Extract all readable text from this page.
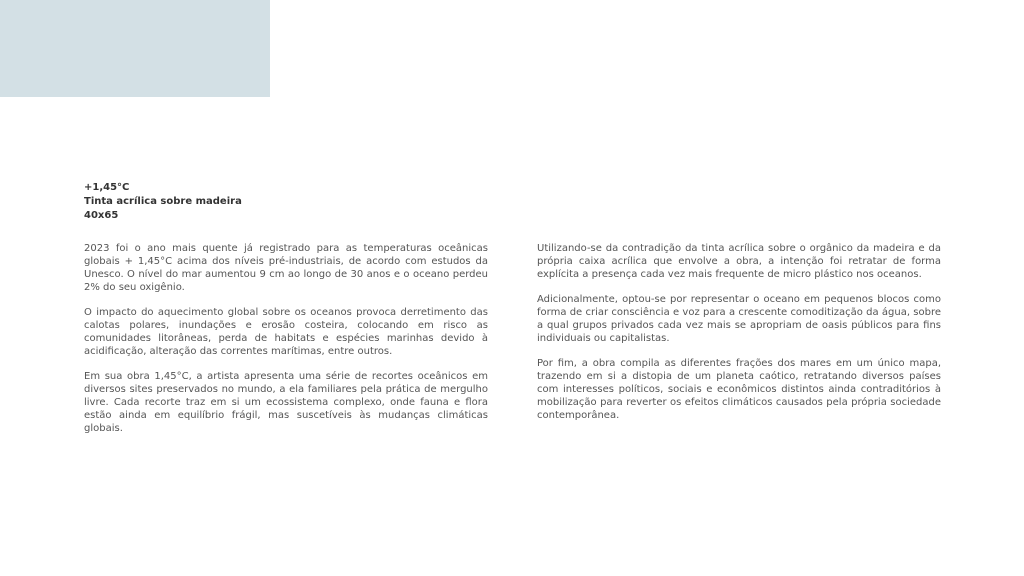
+1,45°C
Tinta acrílica sobre madeira
40x65

2023 foi o ano mais quente já registrado para as temperaturas oceânicas globais + 1,45°C acima dos níveis pré-industriais, de acordo com estudos da Unesco. O nível do mar aumentou 9 cm ao longo de 30 anos e o oceano perdeu 2% do seu oxigênio.

O impacto do aquecimento global sobre os oceanos provoca derretimento das calotas polares, inundações e erosão costeira, colocando em risco as comunidades litorâneas, perda de habitats e espécies marinhas devido à acidificação, alteração das correntes marítimas, entre outros.

Em sua obra 1,45°C, a artista apresenta uma série de recortes oceânicos em diversos sites preservados no mundo, a ela familiares pela prática de mergulho livre. Cada recorte traz em si um ecossistema complexo, onde fauna e flora estão ainda em equilíbrio frágil, mas suscetíveis às mudanças climáticas globais.

Utilizando-se da contradição da tinta acrílica sobre o orgânico da madeira e da própria caixa acrílica que envolve a obra, a intenção foi retratar de forma explícita a presença cada vez mais frequente de micro plástico nos oceanos.

Adicionalmente, optou-se por representar o oceano em pequenos blocos como forma de criar consciência e voz para a crescente comoditização da água, sobre a qual grupos privados cada vez mais se apropriam de oasis públicos para fins individuais ou capitalistas.

Por fim, a obra compila as diferentes frações dos mares em um único mapa, trazendo em si a distopia de um planeta caótico, retratando diversos países com interesses políticos, sociais e econômicos distintos ainda contraditórios à mobilização para reverter os efeitos climáticos causados pela própria sociedade contemporânea.
